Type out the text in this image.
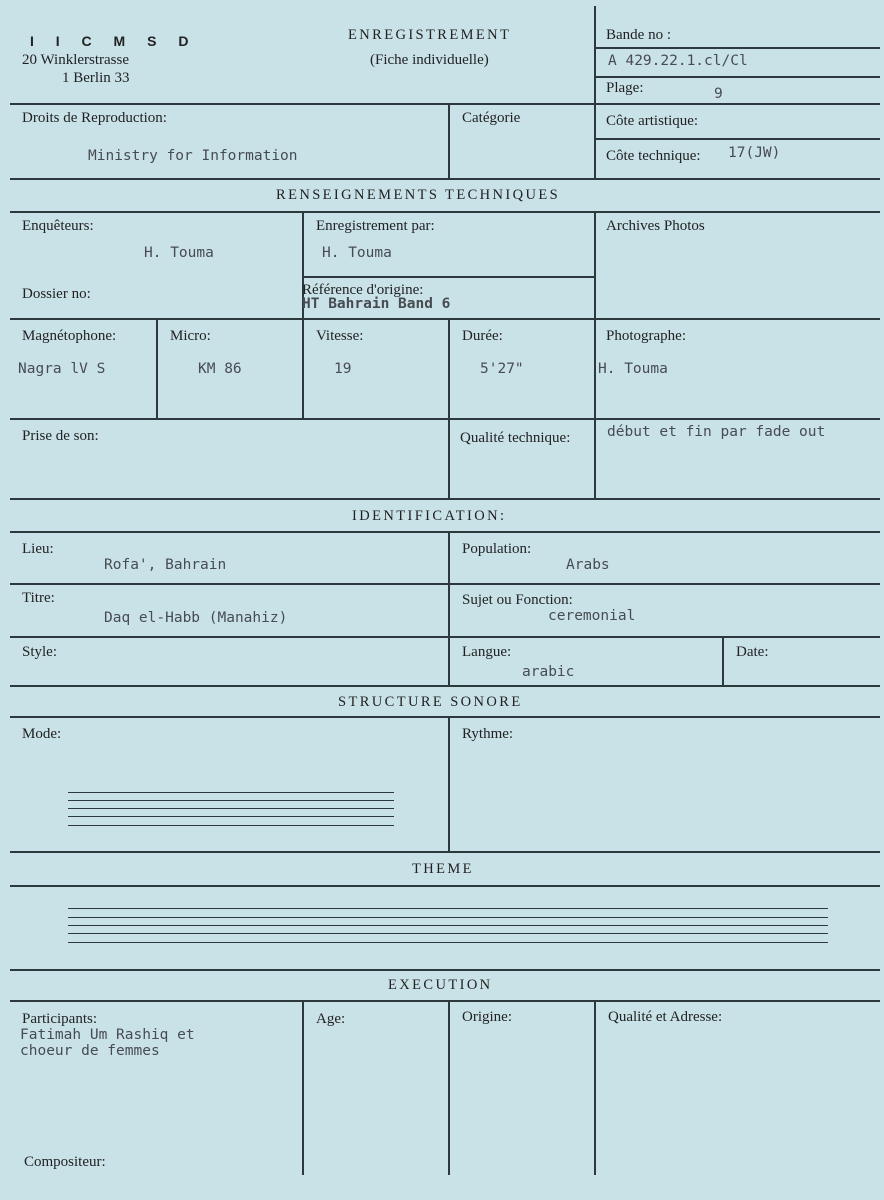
I I C M S D
20 Winklerstrasse
1 Berlin 33
ENREGISTREMENT
(Fiche individuelle)
Bande no :
A 429.22.1.cl/Cl
Plage:	9
Droits de Reproduction:
Ministry for Information
Catégorie	Côte artistique:
Côte technique: 17(JW)
RENSEIGNEMENTS TECHNIQUES
Enquêteurs:
H. Touma
Enregistrement par:
H. Touma
Archives Photos
Dossier no:	Référence d'origine:
HT Bahrain Band 6
Magnétophone:
Nagra lV S
Micro:
KM 86
Vitesse:
19
Durée:
5'27"
Photographe:
H. Touma
Prise de son:	Qualité technique:	début et fin par fade out
IDENTIFICATION:
Lieu:
Rofa', Bahrain
Population:
Arabs
Titre:
Daq el-Habb (Manahiz)
Sujet ou Fonction:
ceremonial
Style:	Langue:
arabic
Date:
STRUCTURE SONORE
Mode:	Rythme:
THEME
EXECUTION
Participants:
Fatimah Um Rashiq et
choeur de femmes
Age:	Origine:	Qualité et Adresse:
Compositeur:
